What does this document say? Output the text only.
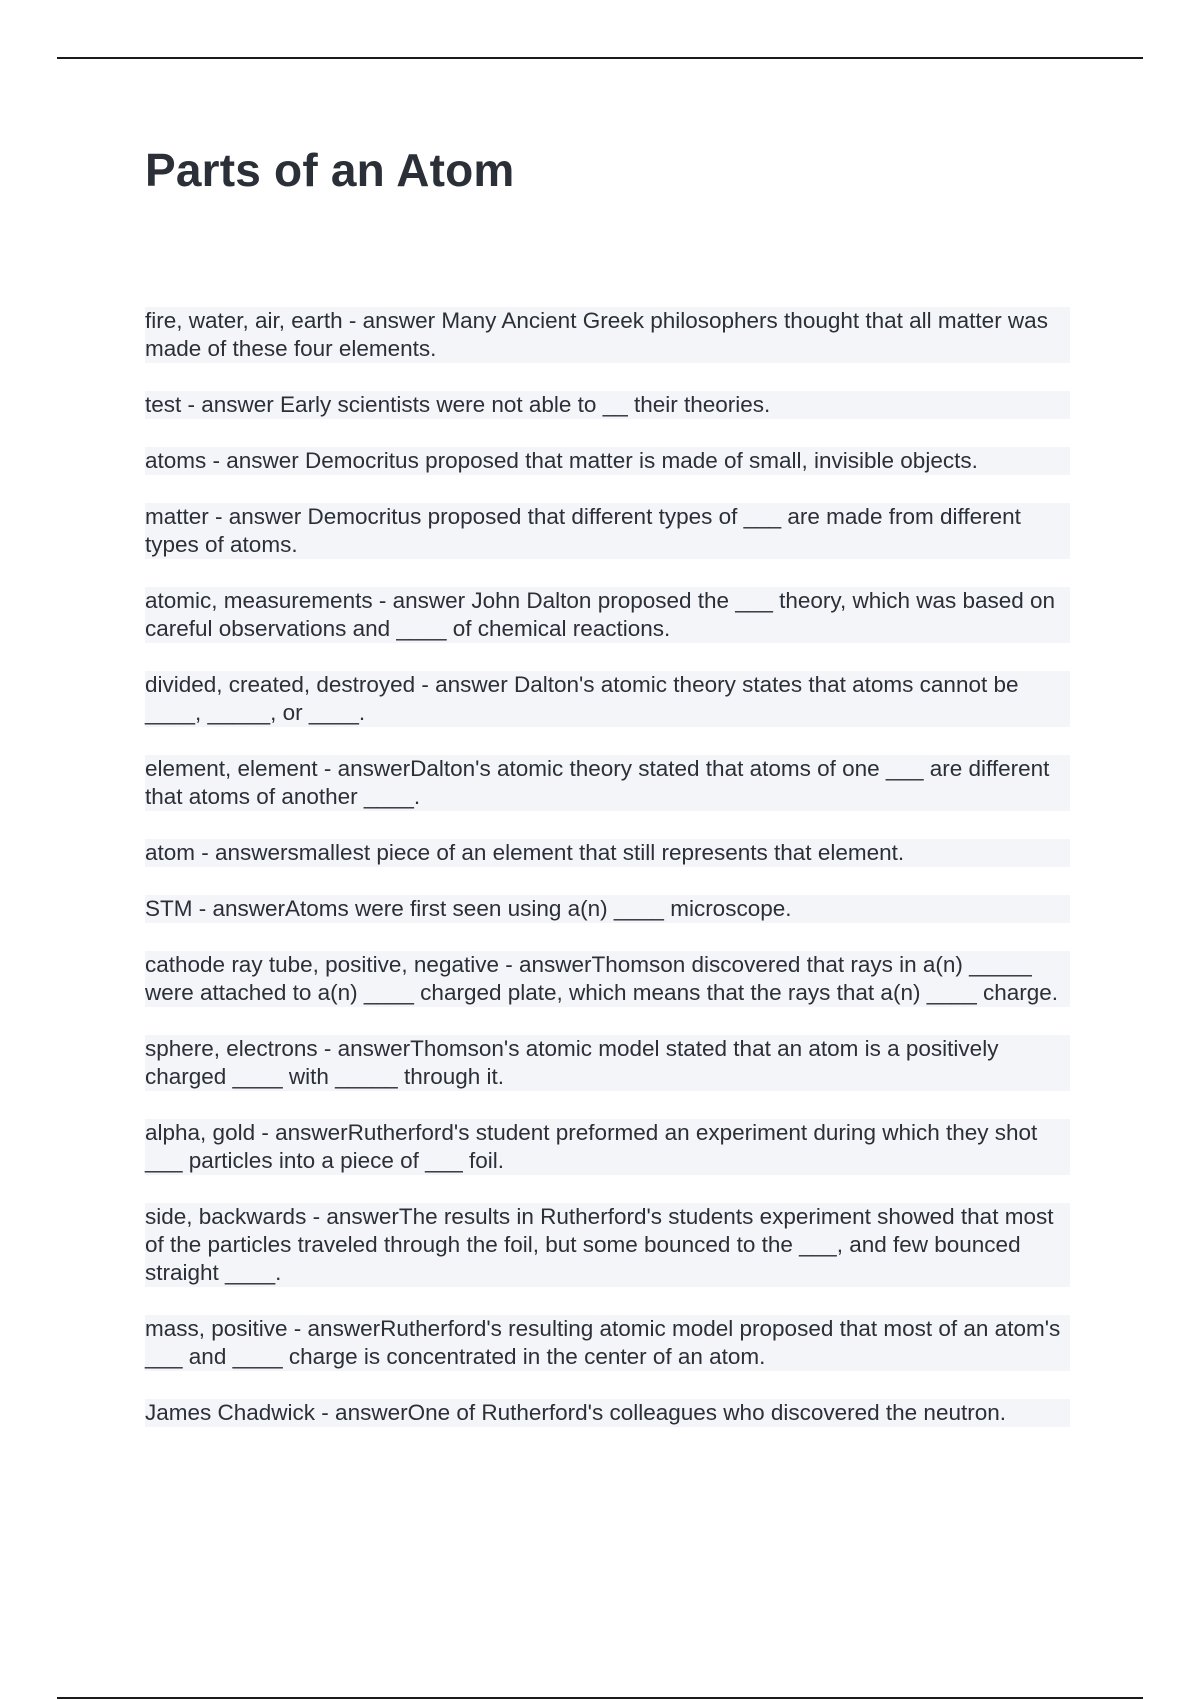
Parts of an Atom
fire, water, air, earth - answer Many Ancient Greek philosophers thought that all matter was made of these four elements.
test - answer Early scientists were not able to __ their theories.
atoms - answer Democritus proposed that matter is made of small, invisible objects.
matter - answer Democritus proposed that different types of ___ are made from different types of atoms.
atomic, measurements - answer John Dalton proposed the ___ theory, which was based on careful observations and ____ of chemical reactions.
divided, created, destroyed - answer Dalton's atomic theory states that atoms cannot be ____, _____, or ____.
element, element - answerDalton's atomic theory stated that atoms of one ___ are different that atoms of another ____.
atom - answersmallest piece of an element that still represents that element.
STM - answerAtoms were first seen using a(n) ____ microscope.
cathode ray tube, positive, negative - answerThomson discovered that rays in a(n) _____ were attached to a(n) ____ charged plate, which means that the rays that a(n) ____ charge.
sphere, electrons - answerThomson's atomic model stated that an atom is a positively charged ____ with _____ through it.
alpha, gold - answerRutherford's student preformed an experiment during which they shot ___ particles into a piece of ___ foil.
side, backwards - answerThe results in Rutherford's students experiment showed that most of the particles traveled through the foil, but some bounced to the ___, and few bounced straight ____.
mass, positive - answerRutherford's resulting atomic model proposed that most of an atom's ___ and ____ charge is concentrated in the center of an atom.
James Chadwick - answerOne of Rutherford's colleagues who discovered the neutron.
